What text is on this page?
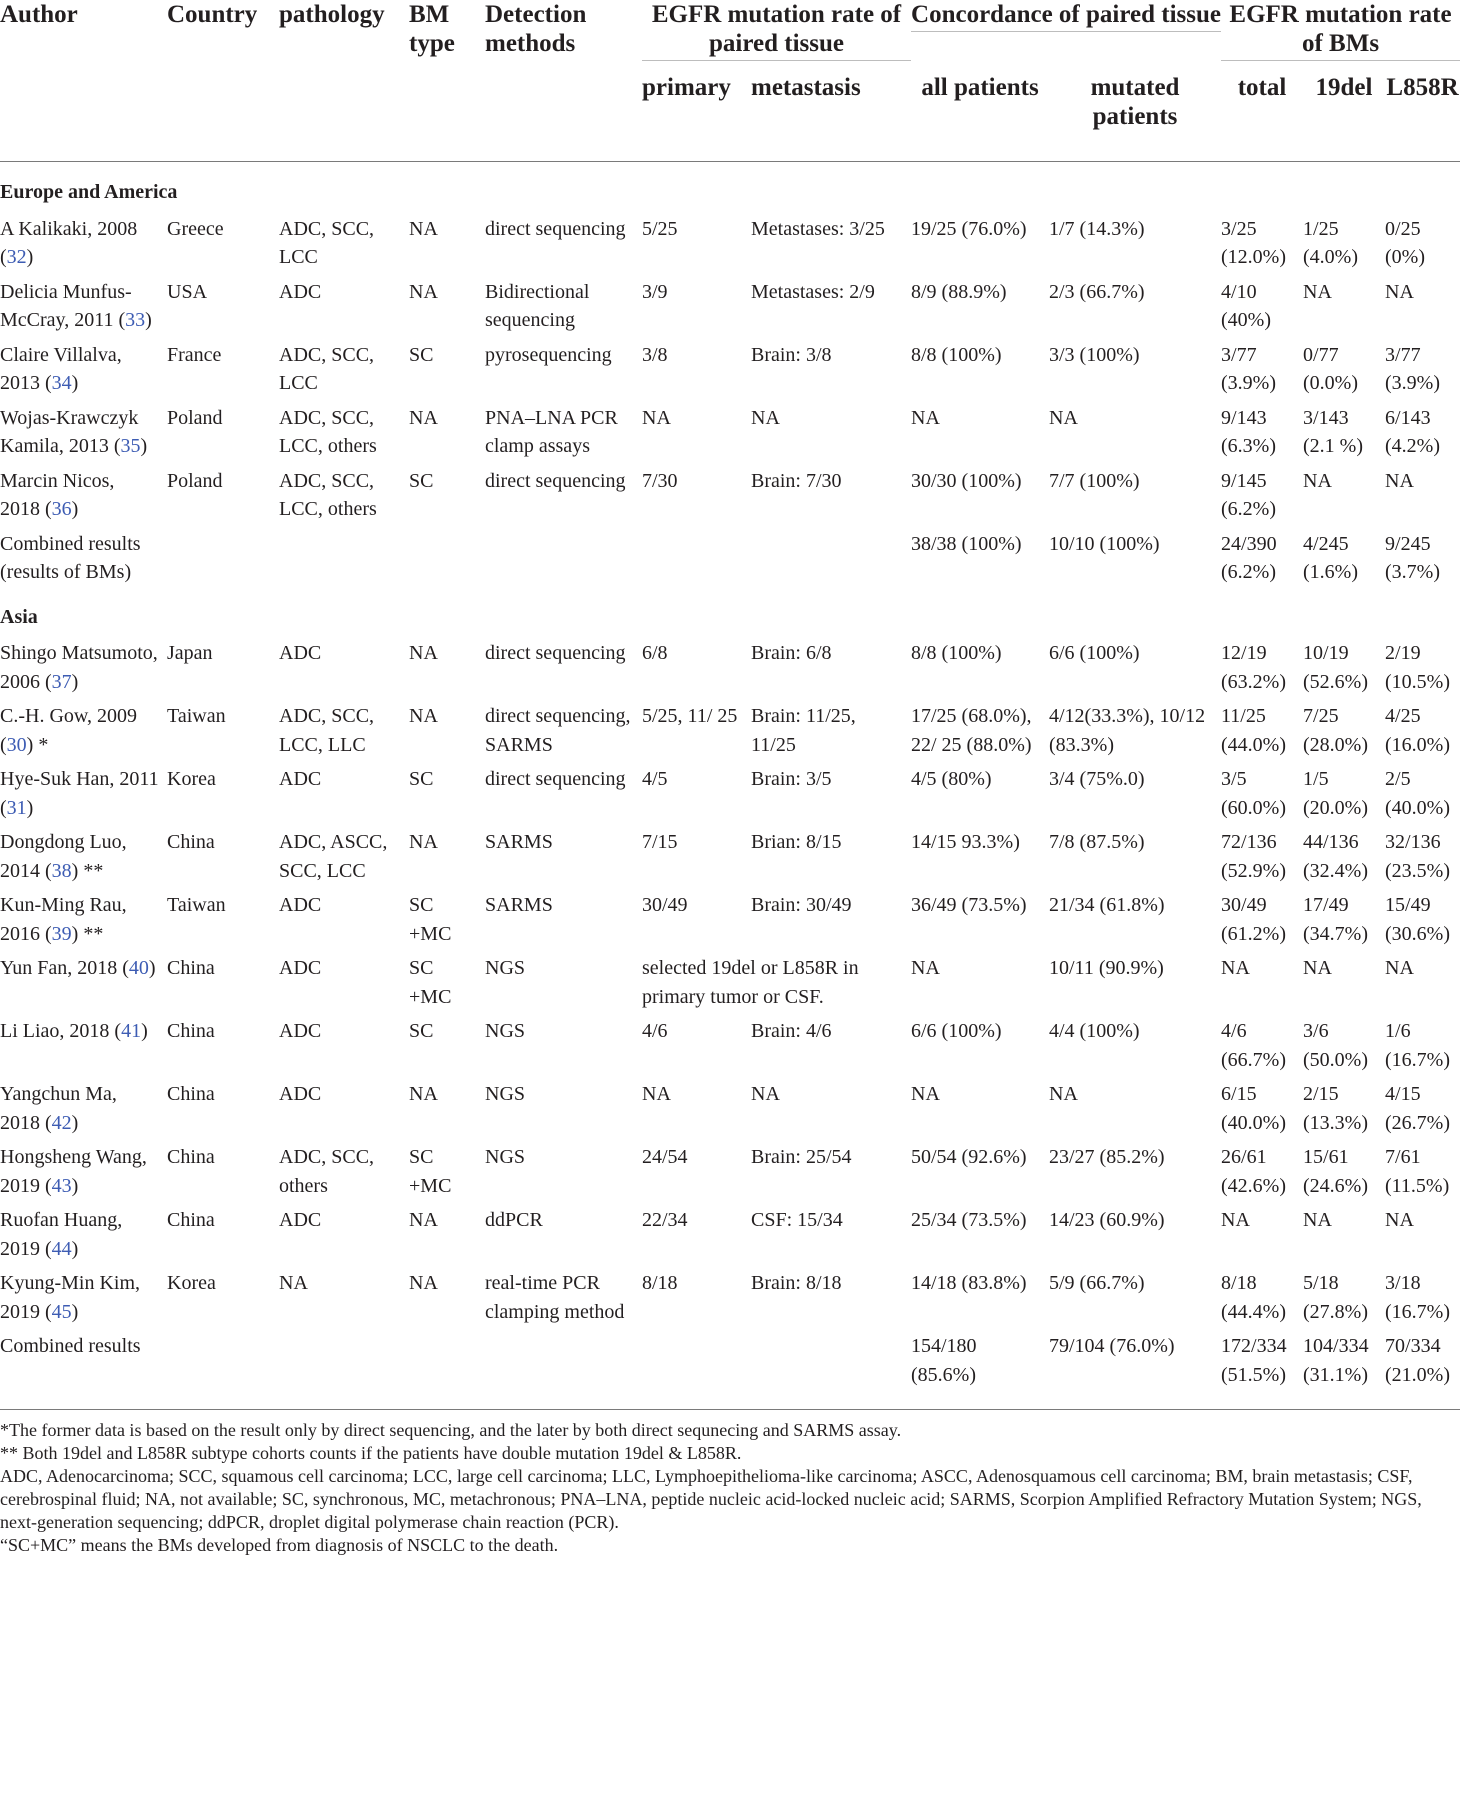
Author	Country	pathology	BM type	Detection methods	EGFR mutation rate of paired tissue		Concordance of paired tissue		EGFR mutation rate of BMs		

					primary	metastasis	all patients	mutated patients	total	19del	L858R
Europe and America											
A Kalikaki, 2008 (32)	Greece	ADC, SCC, LCC	NA	direct sequencing	5/25	Metastases: 3/25	19/25 (76.0%)	1/7 (14.3%)	3/25 (12.0%)	1/25 (4.0%)	0/25 (0%)
Delicia Munfus-McCray, 2011 (33)	USA	ADC	NA	Bidirectional sequencing	3/9	Metastases: 2/9	8/9 (88.9%)	2/3 (66.7%)	4/10 (40%)	NA	NA
Claire Villalva, 2013 (34)	France	ADC, SCC, LCC	SC	pyrosequencing	3/8	Brain: 3/8	8/8 (100%)	3/3 (100%)	3/77 (3.9%)	0/77 (0.0%)	3/77 (3.9%)
Wojas-Krawczyk Kamila, 2013 (35)	Poland	ADC, SCC, LCC, others	NA	PNA–LNA PCR clamp assays	NA	NA	NA	NA	9/143 (6.3%)	3/143 (2.1 %)	6/143 (4.2%)
Marcin Nicos, 2018 (36)	Poland	ADC, SCC, LCC, others	SC	direct sequencing	7/30	Brain: 7/30	30/30 (100%)	7/7 (100%)	9/145 (6.2%)	NA	NA
Combined results (results of BMs)							38/38 (100%)	10/10 (100%)	24/390 (6.2%)	4/245 (1.6%)	9/245 (3.7%)
Asia											
Shingo Matsumoto, 2006 (37)	Japan	ADC	NA	direct sequencing	6/8	Brain: 6/8	8/8 (100%)	6/6 (100%)	12/19 (63.2%)	10/19 (52.6%)	2/19 (10.5%)
C.-H. Gow, 2009 (30) *	Taiwan	ADC, SCC, LCC, LLC	NA	direct sequencing, SARMS	5/25, 11/ 25	Brain: 11/25, 11/25	17/25 (68.0%), 22/ 25 (88.0%)	4/12(33.3%), 10/12 (83.3%)	11/25 (44.0%)	7/25 (28.0%)	4/25 (16.0%)
Hye-Suk Han, 2011 (31)	Korea	ADC	SC	direct sequencing	4/5	Brain: 3/5	4/5 (80%)	3/4 (75%.0)	3/5 (60.0%)	1/5 (20.0%)	2/5 (40.0%)
Dongdong Luo, 2014 (38) **	China	ADC, ASCC, SCC, LCC	NA	SARMS	7/15	Brian: 8/15	14/15 93.3%)	7/8 (87.5%)	72/136 (52.9%)	44/136 (32.4%)	32/136 (23.5%)
Kun-Ming Rau, 2016 (39) **	Taiwan	ADC	SC +MC	SARMS	30/49	Brain: 30/49	36/49 (73.5%)	21/34 (61.8%)	30/49 (61.2%)	17/49 (34.7%)	15/49 (30.6%)
Yun Fan, 2018 (40)	China	ADC	SC +MC	NGS	selected 19del or L858R in primary tumor or CSF.		NA	10/11 (90.9%)	NA	NA	NA
Li Liao, 2018 (41)	China	ADC	SC	NGS	4/6	Brain: 4/6	6/6 (100%)	4/4 (100%)	4/6 (66.7%)	3/6 (50.0%)	1/6 (16.7%)
Yangchun Ma, 2018 (42)	China	ADC	NA	NGS	NA	NA	NA	NA	6/15 (40.0%)	2/15 (13.3%)	4/15 (26.7%)
Hongsheng Wang, 2019 (43)	China	ADC, SCC, others	SC +MC	NGS	24/54	Brain: 25/54	50/54 (92.6%)	23/27 (85.2%)	26/61 (42.6%)	15/61 (24.6%)	7/61 (11.5%)
Ruofan Huang, 2019 (44)	China	ADC	NA	ddPCR	22/34	CSF: 15/34	25/34 (73.5%)	14/23 (60.9%)	NA	NA	NA
Kyung-Min Kim, 2019 (45)	Korea	NA	NA	real-time PCR clamping method	8/18	Brain: 8/18	14/18 (83.8%)	5/9 (66.7%)	8/18 (44.4%)	5/18 (27.8%)	3/18 (16.7%)
Combined results							154/180 (85.6%)	79/104 (76.0%)	172/334 (51.5%)	104/334 (31.1%)	70/334 (21.0%)
*The former data is based on the result only by direct sequencing, and the later by both direct sequnecing and SARMS assay.
** Both 19del and L858R subtype cohorts counts if the patients have double mutation 19del & L858R.
ADC, Adenocarcinoma; SCC, squamous cell carcinoma; LCC, large cell carcinoma; LLC, Lymphoepithelioma-like carcinoma; ASCC, Adenosquamous cell carcinoma; BM, brain metastasis; CSF, cerebrospinal fluid; NA, not available; SC, synchronous, MC, metachronous; PNA–LNA, peptide nucleic acid-locked nucleic acid; SARMS, Scorpion Amplified Refractory Mutation System; NGS, next-generation sequencing; ddPCR, droplet digital polymerase chain reaction (PCR).
“SC+MC” means the BMs developed from diagnosis of NSCLC to the death.
